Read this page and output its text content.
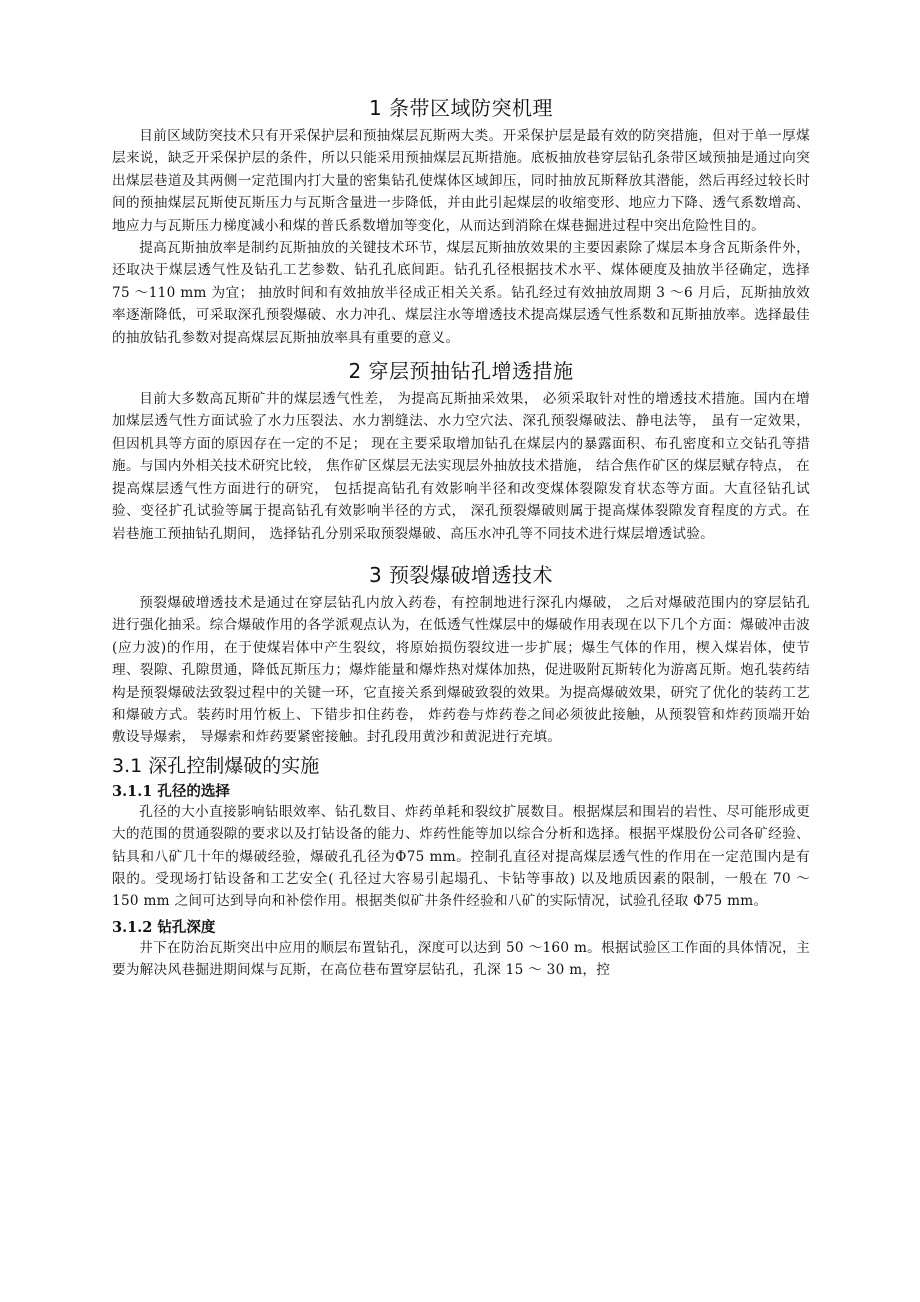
1 条带区域防突机理

目前区域防突技术只有开采保护层和预抽煤层瓦斯两大类。开采保护层是最有效的防突措施，但对于单一厚煤层来说，缺乏开采保护层的条件，所以只能采用预抽煤层瓦斯措施。底板抽放巷穿层钻孔条带区域预抽是通过向突出煤层巷道及其两侧一定范围内打大量的密集钻孔使煤体区域卸压，同时抽放瓦斯释放其潜能，然后再经过较长时间的预抽煤层瓦斯使瓦斯压力与瓦斯含量进一步降低，并由此引起煤层的收缩变形、地应力下降、透气系数增高、地应力与瓦斯压力梯度减小和煤的普氏系数增加等变化，从而达到消除在煤巷掘进过程中突出危险性目的。

提高瓦斯抽放率是制约瓦斯抽放的关键技术环节，煤层瓦斯抽放效果的主要因素除了煤层本身含瓦斯条件外，还取决于煤层透气性及钻孔工艺参数、钻孔孔底间距。钻孔孔径根据技术水平、煤体硬度及抽放半径确定，选择 75 ～110 mm 为宜； 抽放时间和有效抽放半径成正相关关系。钻孔经过有效抽放周期 3 ～6 月后，瓦斯抽放效率逐渐降低，可采取深孔预裂爆破、水力冲孔、煤层注水等增透技术提高煤层透气性系数和瓦斯抽放率。选择最佳的抽放钻孔参数对提高煤层瓦斯抽放率具有重要的意义。

2 穿层预抽钻孔增透措施

目前大多数高瓦斯矿井的煤层透气性差， 为提高瓦斯抽采效果， 必须采取针对性的增透技术措施。国内在增加煤层透气性方面试验了水力压裂法、水力割缝法、水力空穴法、深孔预裂爆破法、静电法等， 虽有一定效果， 但因机具等方面的原因存在一定的不足； 现在主要采取增加钻孔在煤层内的暴露面积、布孔密度和立交钻孔等措施。与国内外相关技术研究比较， 焦作矿区煤层无法实现层外抽放技术措施， 结合焦作矿区的煤层赋存特点， 在提高煤层透气性方面进行的研究， 包括提高钻孔有效影响半径和改变煤体裂隙发育状态等方面。大直径钻孔试验、变径扩孔试验等属于提高钻孔有效影响半径的方式， 深孔预裂爆破则属于提高煤体裂隙发育程度的方式。在岩巷施工预抽钻孔期间， 选择钻孔分别采取预裂爆破、高压水冲孔等不同技术进行煤层增透试验。

3 预裂爆破增透技术

预裂爆破增透技术是通过在穿层钻孔内放入药卷，有控制地进行深孔内爆破， 之后对爆破范围内的穿层钻孔进行强化抽采。综合爆破作用的各学派观点认为，在低透气性煤层中的爆破作用表现在以下几个方面：爆破冲击波(应力波)的作用，在于使煤岩体中产生裂纹，将原始损伤裂纹进一步扩展；爆生气体的作用，楔入煤岩体，使节理、裂隙、孔隙贯通，降低瓦斯压力；爆炸能量和爆炸热对煤体加热，促进吸附瓦斯转化为游离瓦斯。炮孔装药结构是预裂爆破法致裂过程中的关键一环，它直接关系到爆破致裂的效果。为提高爆破效果，研究了优化的装药工艺和爆破方式。装药时用竹板上、下错步扣住药卷， 炸药卷与炸药卷之间必须彼此接触，从预裂管和炸药顶端开始敷设导爆索， 导爆索和炸药要紧密接触。封孔段用黄沙和黄泥进行充填。

3.1 深孔控制爆破的实施
3.1.1 孔径的选择

孔径的大小直接影响钻眼效率、钻孔数目、炸药单耗和裂纹扩展数目。根据煤层和围岩的岩性、尽可能形成更大的范围的贯通裂隙的要求以及打钻设备的能力、炸药性能等加以综合分析和选择。根据平煤股份公司各矿经验、钻具和八矿几十年的爆破经验，爆破孔孔径为Φ75 mm。控制孔直径对提高煤层透气性的作用在一定范围内是有限的。受现场打钻设备和工艺安全( 孔径过大容易引起塌孔、卡钻等事故) 以及地质因素的限制，一般在 70 ～ 150 mm 之间可达到导向和补偿作用。根据类似矿井条件经验和八矿的实际情况，试验孔径取 Φ75 mm。

3.1.2 钻孔深度

井下在防治瓦斯突出中应用的顺层布置钻孔，深度可以达到 50 ～160 m。根据试验区工作面的具体情况，主要为解决风巷掘进期间煤与瓦斯，在高位巷布置穿层钻孔，孔深 15 ～ 30 m，控
